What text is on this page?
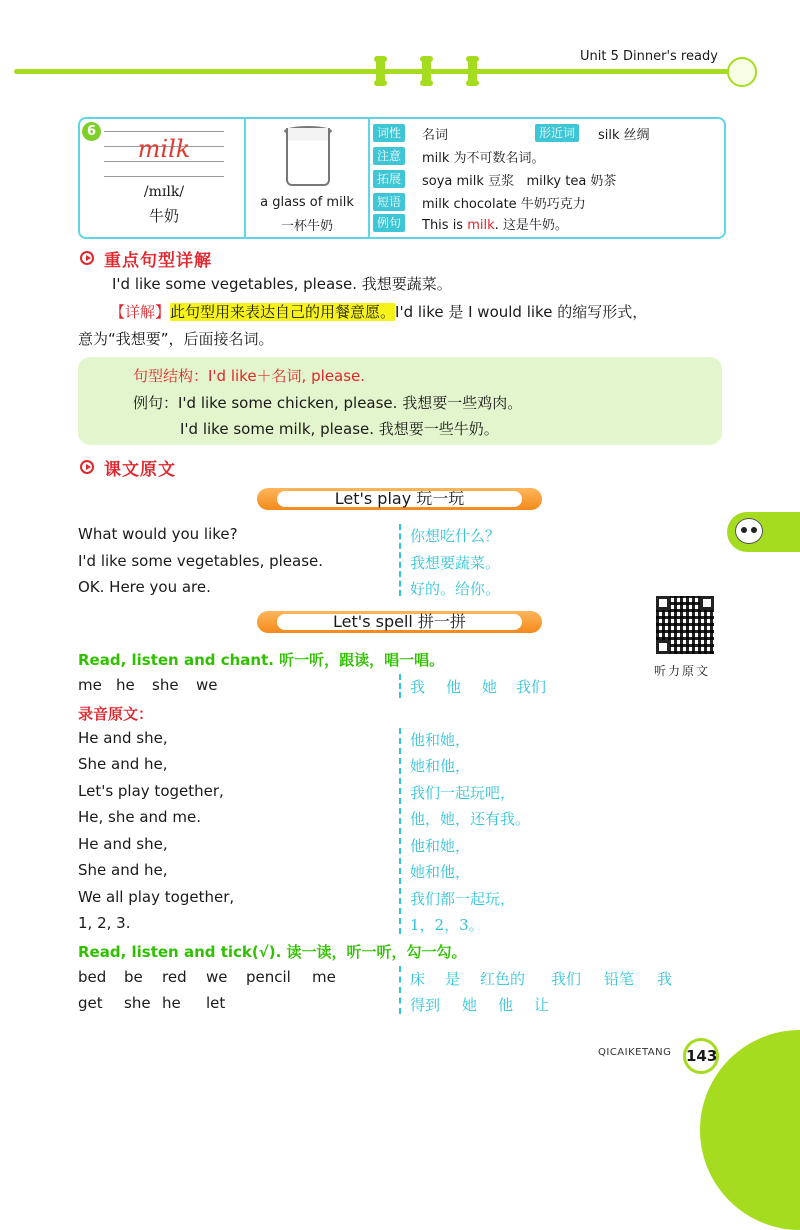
Unit 5 Dinner's ready
6
milk
/mɪlk/
牛奶
a glass of milk
一杯牛奶
词性	名词	形近词	silk 丝绸
注意	milk 为不可数名词。
拓展	soya milk 豆浆   milky tea 奶茶
短语	milk chocolate 牛奶巧克力
例句	This is milk. 这是牛奶。
重点句型详解
I'd like some vegetables, please. 我想要蔬菜。
【详解】此句型用来表达自己的用餐意愿。I'd like 是 I would like 的缩写形式，
意为“我想要”，后面接名词。
句型结构：I'd like＋名词, please.
例句：I'd like some chicken, please. 我想要一些鸡肉。
I'd like some milk, please. 我想要一些牛奶。
课文原文
Let's play 玩一玩
What would you like?	你想吃什么？
I'd like some vegetables, please.	我想要蔬菜。
OK. Here you are.	好的。给你。
Let's spell 拼一拼
Read, listen and chant. 听一听，跟读，唱一唱。
me he she we	我 他 她 我们
录音原文：
He and she,	他和她，
She and he,	她和他，
Let's play together,	我们一起玩吧，
He, she and me.	他，她，还有我。
He and she,	他和她，
She and he,	她和他，
We all play together,	我们都一起玩，
1, 2, 3.	1，2，3。
Read, listen and tick(√). 读一读，听一听，勾一勾。
bed be red we pencil me	床 是 红色的 我们 铅笔 我
get she he let	得到 她 他 让
听力原文
QICAIKETANG 143
